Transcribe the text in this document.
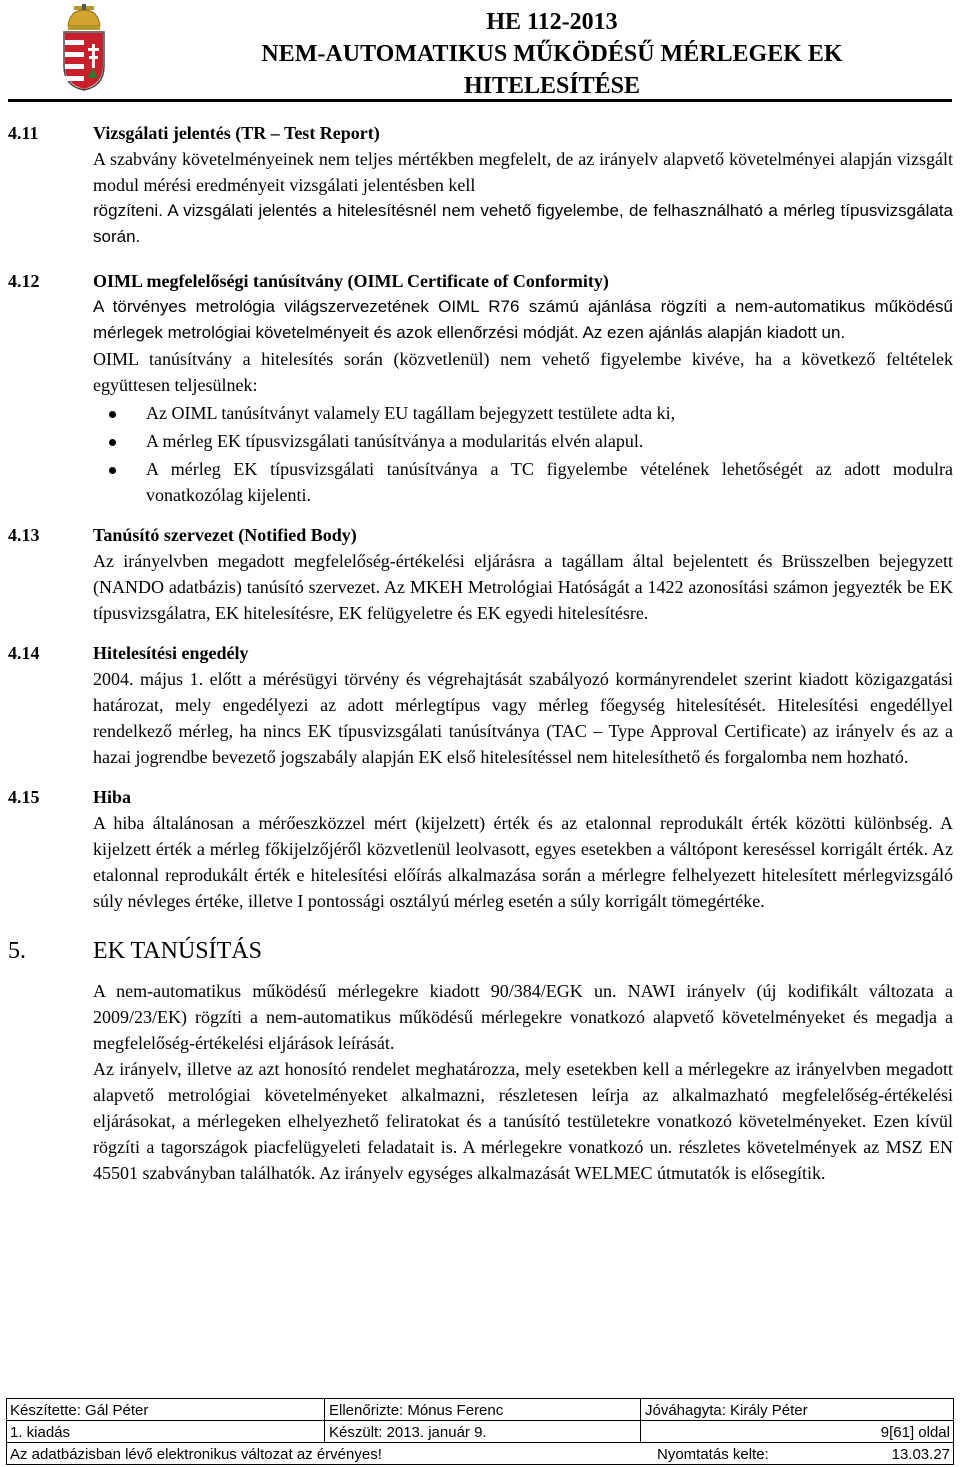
HE 112-2013
NEM-AUTOMATIKUS MŰKÖDÉSŰ MÉRLEGEK EK
HITELESÍTÉSE
4.11	Vizsgálati jelentés (TR – Test Report)

A szabvány követelményeinek nem teljes mértékben megfelelt, de az irányelv alapvető követelményei alapján vizsgált modul mérési eredményeit vizsgálati jelentésben kell

rögzíteni. A vizsgálati jelentés a hitelesítésnél nem vehető figyelembe, de felhasználható a mérleg típusvizsgálata során.

4.12	OIML megfelelőségi tanúsítvány (OIML Certificate of Conformity)

A törvényes metrológia világszervezetének OIML R76 számú ajánlása rögzíti a nem-automatikus működésű mérlegek metrológiai követelményeit és azok ellenőrzési módját. Az ezen ajánlás alapján kiadott un.

OIML tanúsítvány a hitelesítés során (közvetlenül) nem vehető figyelembe kivéve, ha a következő feltételek együttesen teljesülnek:

Az OIML tanúsítványt valamely EU tagállam bejegyzett testülete adta ki,
A mérleg EK típusvizsgálati tanúsítványa a modularitás elvén alapul.
A mérleg EK típusvizsgálati tanúsítványa a TC figyelembe vételének lehetőségét az adott modulra vonatkozólag kijelenti.
4.13	Tanúsító szervezet (Notified Body)

Az irányelvben megadott megfelelőség-értékelési eljárásra a tagállam által bejelentett és Brüsszelben bejegyzett (NANDO adatbázis) tanúsító szervezet. Az MKEH Metrológiai Hatóságát a 1422 azonosítási számon jegyezték be EK típusvizsgálatra, EK hitelesítésre, EK felügyeletre és EK egyedi hitelesítésre.

4.14	Hitelesítési engedély

2004. május 1. előtt a mérésügyi törvény és végrehajtását szabályozó kormányrendelet szerint kiadott közigazgatási határozat, mely engedélyezi az adott mérlegtípus vagy mérleg főegység hitelesítését. Hitelesítési engedéllyel rendelkező mérleg, ha nincs EK típusvizsgálati tanúsítványa (TAC – Type Approval Certificate) az irányelv és az a hazai jogrendbe bevezető jogszabály alapján EK első hitelesítéssel nem hitelesíthető és forgalomba nem hozható.

4.15	Hiba

A hiba általánosan a mérőeszközzel mért (kijelzett) érték és az etalonnal reprodukált érték közötti különbség. A kijelzett érték a mérleg főkijelzőjéről közvetlenül leolvasott, egyes esetekben a váltópont kereséssel korrigált érték. Az etalonnal reprodukált érték e hitelesítési előírás alkalmazása során a mérlegre felhelyezett hitelesített mérlegvizsgáló súly névleges értéke, illetve I pontossági osztályú mérleg esetén a súly korrigált tömegértéke.

5.	EK TANÚSÍTÁS

A nem-automatikus működésű mérlegekre kiadott 90/384/EGK un. NAWI irányelv (új kodifikált változata a 2009/23/EK) rögzíti a nem-automatikus működésű mérlegekre vonatkozó alapvető követelményeket és megadja a megfelelőség-értékelési eljárások leírását.

Az irányelv, illetve az azt honosító rendelet meghatározza, mely esetekben kell a mérlegekre az irányelvben megadott alapvető metrológiai követelményeket alkalmazni, részletesen leírja az alkalmazható megfelelőség-értékelési eljárásokat, a mérlegeken elhelyezhető feliratokat és a tanúsító testületekre vonatkozó követelményeket. Ezen kívül rögzíti a tagországok piacfelügyeleti feladatait is. A mérlegekre vonatkozó un. részletes követelmények az MSZ EN 45501 szabványban találhatók. Az irányelv egységes alkalmazását WELMEC útmutatók is elősegítik.

Készítette: Gál Péter	Ellenőrizte: Mónus Ferenc	Jóváhagyta: Király Péter
1. kiadás	Készült: 2013. január 9.	9[61] oldal
Az adatbázisban lévő elektronikus változat az érvényes!	Nyomtatás kelte:	13.03.27
